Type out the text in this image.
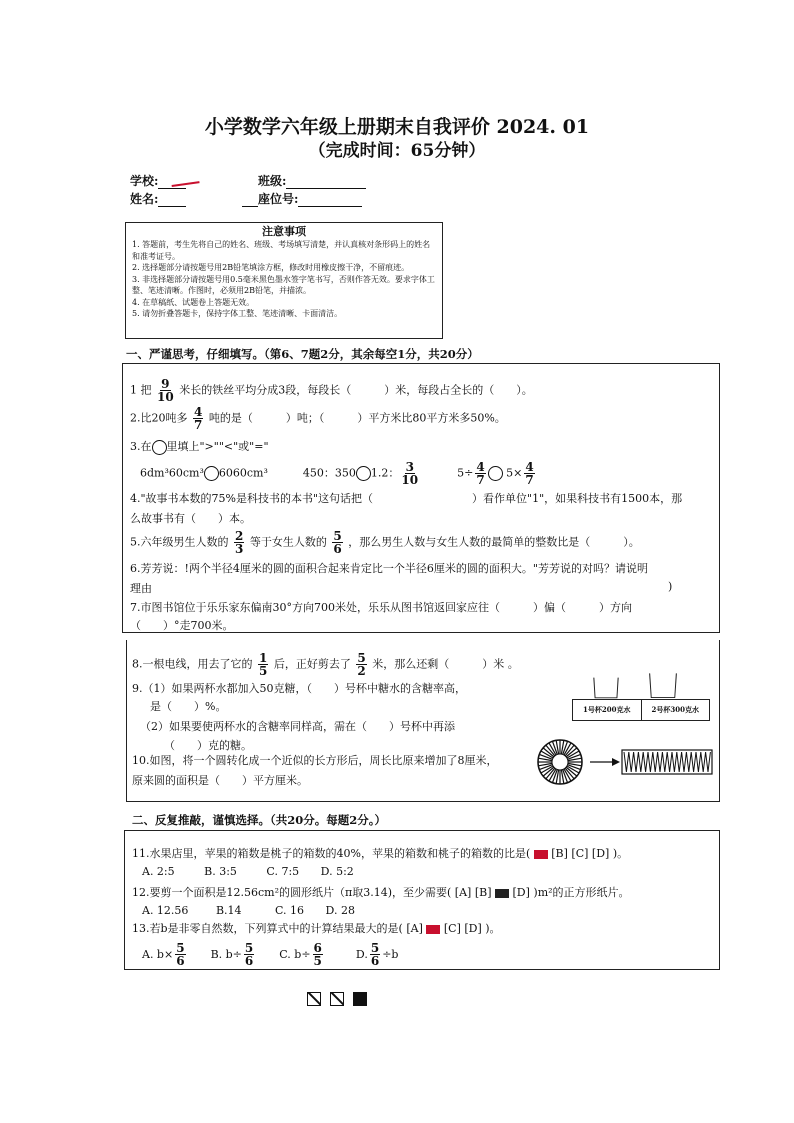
小学数学六年级上册期末自我评价 2024. 01
（完成时间：65分钟）
学校:	班级:
姓名:	座位号:
注意事项
1. 答题前，考生先将自己的姓名、班级、考场填写清楚，并认真核对条形码上的姓名和准考证号。
2. 选择题部分请按题号用2B铅笔填涂方框，修改时用橡皮擦干净，不留痕迹。
3. 非选择题部分请按题号用0.5毫米黑色墨水签字笔书写，否则作答无效。要求字体工整、笔迹清晰。作图时，必须用2B铅笔，并描浓。
4. 在草稿纸、试题卷上答题无效。
5. 请勿折叠答题卡，保持字体工整、笔迹清晰、卡面清洁。
一、严谨思考，仔细填写。（第6、7题2分，其余每空1分，共20分）
1 把 $\frac{9}{10}$ 米长的铁丝平均分成3段，每段长（　　　）米，每段占全长的（　　）。
2.比20吨多 $\frac{4}{7}$ 吨的是（　　　）吨；（　　　）平方米比80平方米多50%。
3.在 里填上">""<"或"="
6dm³60cm³ 6060cm³	450：350 1.2： $\frac{3}{10}$	$5\div \frac{4}{7} 5\times \frac{4}{7}$
4."故事书本数的75%是科技书的本书"这句话把（　　　　　　　　　）看作单位"1"，如果科技书有1500本，那
么故事书有（　　）本。
5.六年级男生人数的 $\frac{2}{3}$ 等于女生人数的 $\frac{5}{6}$ ，那么男生人数与女生人数的最简单的整数比是（　　　）。
6.芳芳说：!两个半径4厘米的圆的面积合起来肯定比一个半径6厘米的圆的面积大。"芳芳说的对吗？请说明
理由	)
7.市图书馆位于乐乐家东偏南30°方向700米处，乐乐从图书馆返回家应往（　　　）偏（　　　）方向
（　　）°走700米。
8.一根电线，用去了它的 $\frac{1}{5}$ 后，正好剪去了 $\frac{5}{2}$ 米，那么还剩（　　　）米 。
9.（1）如果两杯水都加入50克糖，（　　）号杯中糖水的含糖率高，
是（　　）%。
（2）如果要使两杯水的含糖率同样高，需在（　　）号杯中再添
（　　）克的糖。
1号杯200克水	2号杯300克水
10.如图，将一个圆转化成一个近似的长方形后，周长比原来增加了8厘米，
原来圆的面积是（　　）平方厘米。
二、反复推敲，谨慎选择。（共20分。每题2分。）
11.水果店里，苹果的箱数是桃子的箱数的40%，苹果的箱数和桃子的箱数的比是( [B] [C] [D] )。
A. 2:5	B. 3:5	C. 7:5 D. 5:2
12.要剪一个面积是12.56cm²的圆形纸片（π取3.14)，至少需要( [A] [B] [D] )m²的正方形纸片。
A. 12.56	B.14	C. 16 D. 28
13.若b是非零自然数，下列算式中的计算结果最大的是( [A] [C] [D] )。
A. $b\times \frac{5}{6} B$. $b\div \frac{5}{6} C$. $b\div \frac{6}{5}$	D. $\frac{5}{6} \div b$
